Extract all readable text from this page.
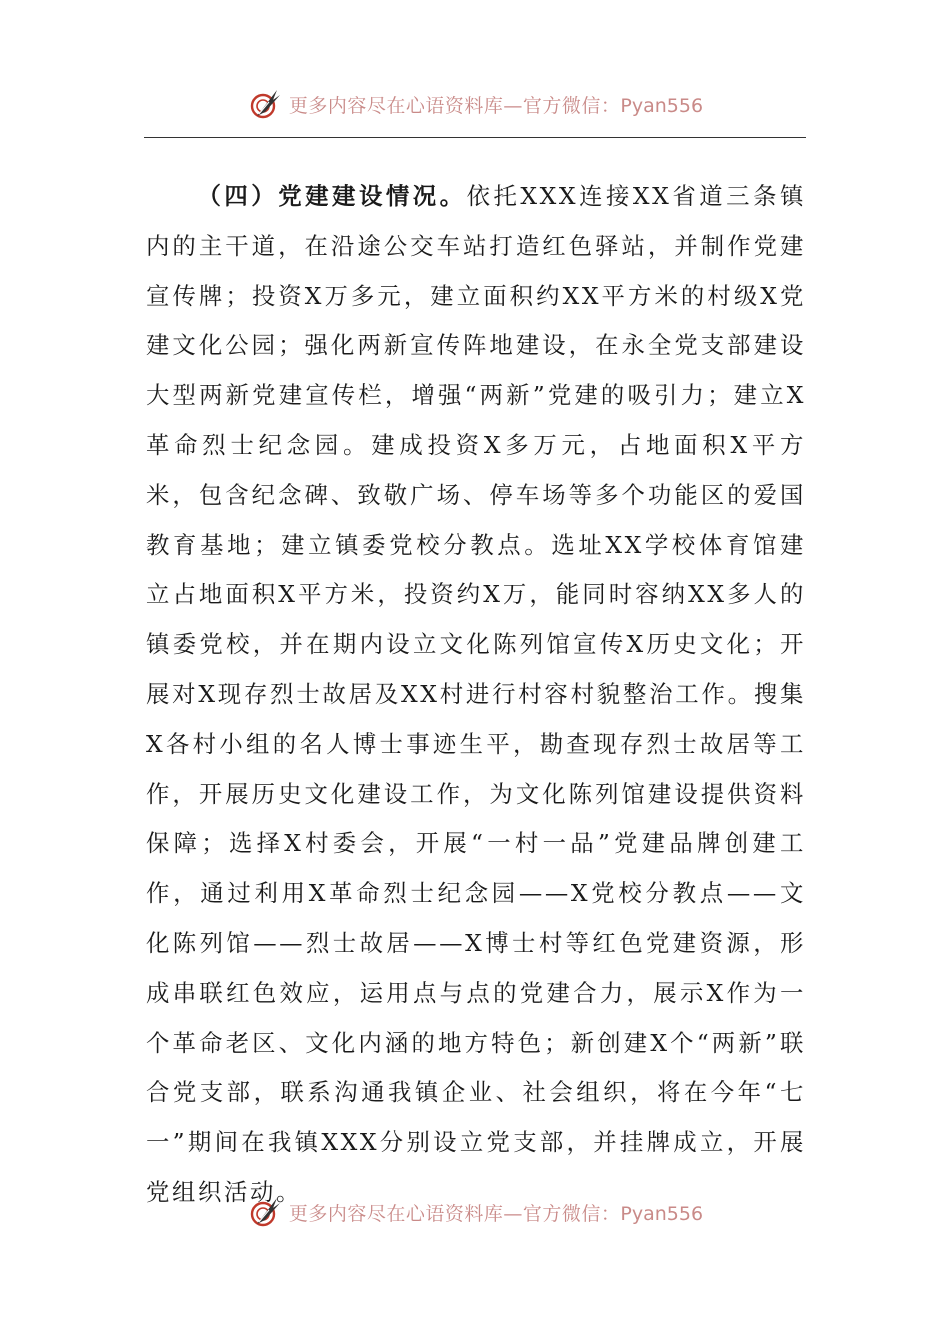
更多内容尽在心语资料库—官方微信：Pyan556

（四）党建建设情况。依托XXX连接XX省道三条镇内的主干道，在沿途公交车站打造红色驿站，并制作党建宣传牌；投资X万多元，建立面积约XX平方米的村级X党建文化公园；强化两新宣传阵地建设，在永全党支部建设大型两新党建宣传栏，增强“两新”党建的吸引力；建立X革命烈士纪念园。建成投资X多万元，占地面积X平方米，包含纪念碑、致敬广场、停车场等多个功能区的爱国教育基地；建立镇委党校分教点。选址XX学校体育馆建立占地面积X平方米，投资约X万，能同时容纳XX多人的镇委党校，并在期内设立文化陈列馆宣传X历史文化；开展对X现存烈士故居及XX村进行村容村貌整治工作。搜集X各村小组的名人博士事迹生平，勘查现存烈士故居等工作，开展历史文化建设工作，为文化陈列馆建设提供资料保障；选择X村委会，开展“一村一品”党建品牌创建工作，通过利用X革命烈士纪念园——X党校分教点——文化陈列馆——烈士故居——X博士村等红色党建资源，形成串联红色效应，运用点与点的党建合力，展示X作为一个革命老区、文化内涵的地方特色；新创建X个“两新”联合党支部，联系沟通我镇企业、社会组织，将在今年“七一”期间在我镇XXX分别设立党支部，并挂牌成立，开展党组织活动。

更多内容尽在心语资料库—官方微信：Pyan556
